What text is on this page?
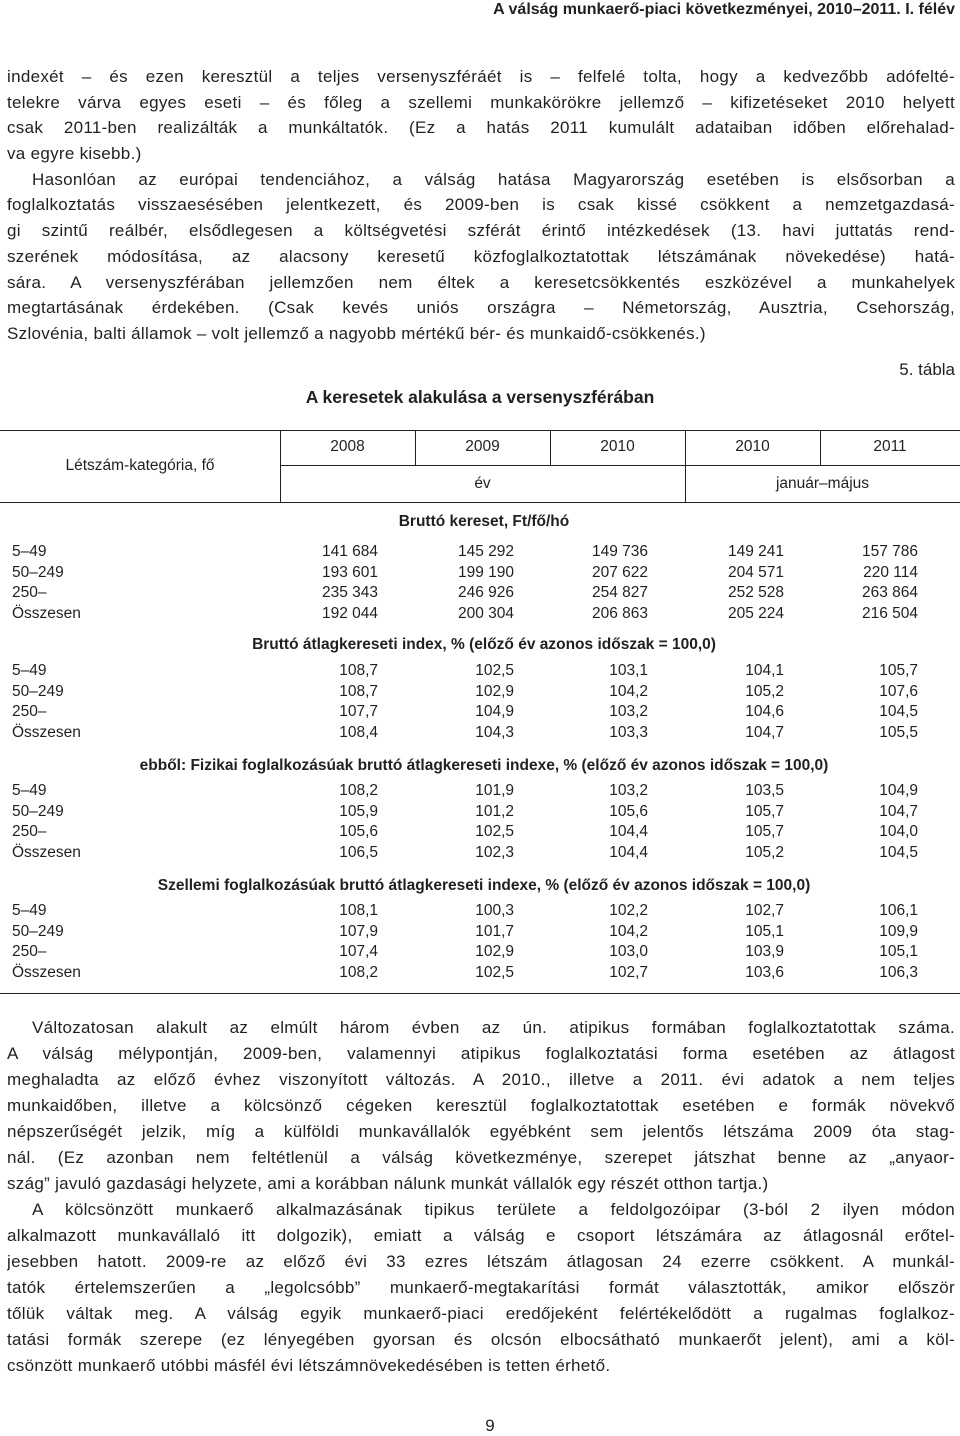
A válság munkaerő-piaci következményei, 2010–2011. I. félév
indexét – és ezen keresztül a teljes versenyszféráét is – felfelé tolta, hogy a kedvezőbb adófelté-
telekre várva egyes eseti – és főleg a szellemi munkakörökre jellemző – kifizetéseket 2010 helyett
csak 2011-ben realizálták a munkáltatók. (Ez a hatás 2011 kumulált adataiban időben előrehalad-
va egyre kisebb.)
Hasonlóan az európai tendenciához, a válság hatása Magyarország esetében is elsősorban a
foglalkoztatás visszaesésében jelentkezett, és 2009-ben is csak kissé csökkent a nemzetgazdasá-
gi szintű reálbér, elsődlegesen a költségvetési szférát érintő intézkedések (13. havi juttatás rend-
szerének módosítása, az alacsony keresetű közfoglalkoztatottak létszámának növekedése) hatá-
sára. A versenyszférában jellemzően nem éltek a keresetcsökkentés eszközével a munkahelyek
megtartásának érdekében. (Csak kevés uniós országra – Németország, Ausztria, Csehország,
Szlovénia, balti államok – volt jellemző a nagyobb mértékű bér- és munkaidő-csökkenés.)
5. tábla
A keresetek alakulása a versenyszférában
Létszám-kategória, fő
2008	2009	2010	2010	2011
év	január–május
Bruttó kereset, Ft/fő/hó
5–49	141 684	145 292	149 736	149 241	157 786
50–249	193 601	199 190	207 622	204 571	220 114
250–	235 343	246 926	254 827	252 528	263 864
Összesen	192 044	200 304	206 863	205 224	216 504
Bruttó átlagkereseti index, % (előző év azonos időszak = 100,0)
5–49	108,7	102,5	103,1	104,1	105,7
50–249	108,7	102,9	104,2	105,2	107,6
250–	107,7	104,9	103,2	104,6	104,5
Összesen	108,4	104,3	103,3	104,7	105,5
ebből: Fizikai foglalkozásúak bruttó átlagkereseti indexe, % (előző év azonos időszak = 100,0)
5–49	108,2	101,9	103,2	103,5	104,9
50–249	105,9	101,2	105,6	105,7	104,7
250–	105,6	102,5	104,4	105,7	104,0
Összesen	106,5	102,3	104,4	105,2	104,5
Szellemi foglalkozásúak bruttó átlagkereseti indexe, % (előző év azonos időszak = 100,0)
5–49	108,1	100,3	102,2	102,7	106,1
50–249	107,9	101,7	104,2	105,1	109,9
250–	107,4	102,9	103,0	103,9	105,1
Összesen	108,2	102,5	102,7	103,6	106,3
Változatosan alakult az elmúlt három évben az ún. atipikus formában foglalkoztatottak száma.
A válság mélypontján, 2009-ben, valamennyi atipikus foglalkoztatási forma esetében az átlagost
meghaladta az előző évhez viszonyított változás. A 2010., illetve a 2011. évi adatok a nem teljes
munkaidőben, illetve a kölcsönző cégeken keresztül foglalkoztatottak esetében e formák növekvő
népszerűségét jelzik, míg a külföldi munkavállalók egyébként sem jelentős létszáma 2009 óta stag-
nál. (Ez azonban nem feltétlenül a válság következménye, szerepet játszhat benne az „anyaor-
szág” javuló gazdasági helyzete, ami a korábban nálunk munkát vállalók egy részét otthon tartja.)
A kölcsönzött munkaerő alkalmazásának tipikus területe a feldolgozóipar (3-ból 2 ilyen módon
alkalmazott munkavállaló itt dolgozik), emiatt a válság e csoport létszámára az átlagosnál erőtel-
jesebben hatott. 2009-re az előző évi 33 ezres létszám átlagosan 24 ezerre csökkent. A munkál-
tatók értelemszerűen a „legolcsóbb” munkaerő-megtakarítási formát választották, amikor először
tőlük váltak meg. A válság egyik munkaerő-piaci eredőjeként felértékelődött a rugalmas foglalkoz-
tatási formák szerepe (ez lényegében gyorsan és olcsón elbocsátható munkaerőt jelent), ami a köl-
csönzött munkaerő utóbbi másfél évi létszámnövekedésében is tetten érhető.
9
